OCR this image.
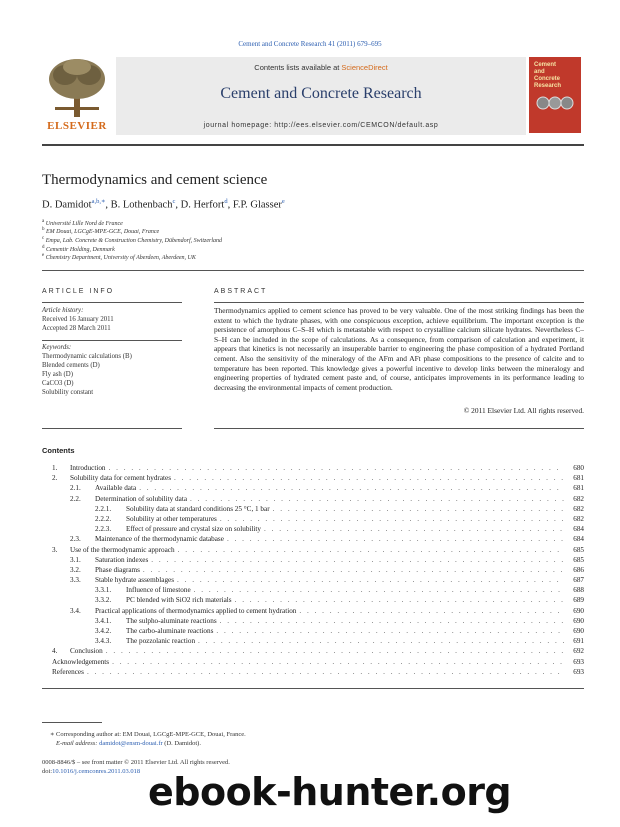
Cement and Concrete Research 41 (2011) 679–695
ELSEVIER
Contents lists available at ScienceDirect
Cement and Concrete Research
journal homepage: http://ees.elsevier.com/CEMCON/default.asp
Cement
and
Concrete
Research
Thermodynamics and cement science
D. Damidot$^{a,b,∗}$, B. Lothenbach$^c$, D. Herfort$^d$, F.P. Glasser$^e$
$^a$ Université Lille Nord de France
$^b$ EM Douai, LGCgE-MPE-GCE, Douai, France
$^c$ Empa, Lab. Concrete & Construction Chemistry, Dübendorf, Switzerland
$^d$ Cementir Holding, Denmark
$^e$ Chemistry Department, University of Aberdeen, Aberdeen, UK
ARTICLE INFO
Article history:
Received 16 January 2011
Accepted 28 March 2011
Keywords:
Thermodynamic calculations (B)
Blended cements (D)
Fly ash (D)
CaCO3 (D)
Solubility constant
ABSTRACT
Thermodynamics applied to cement science has proved to be very valuable. One of the most striking findings has been the extent to which the hydrate phases, with one conspicuous exception, achieve equilibrium. The important exception is the persistence of amorphous C–S–H which is metastable with respect to crystalline calcium silicate hydrates. Nevertheless C–S–H can be included in the scope of calculations. As a consequence, from comparison of calculation and experiment, it appears that kinetics is not necessarily an insuperable barrier to engineering the phase composition of a hydrated Portland cement. Also the sensitivity of the mineralogy of the AFm and AFt phase compositions to the presence of calcite and to temperature has been reported. This knowledge gives a powerful incentive to develop links between the mineralogy and engineering properties of hydrated cement paste and, of course, anticipates improvements in its performance leading to decreasing the environmental impacts of cement production.
© 2011 Elsevier Ltd. All rights reserved.
Contents
1.	Introduction . . .	680
2.	Solubility data for cement hydrates . . .	681
2.1.	Available data . . .	681
2.2.	Determination of solubility data . . .	682
2.2.1.	Solubility data at standard conditions 25 °C, 1 bar . . .	682
2.2.2.	Solubility at other temperatures . . .	682
2.2.3.	Effect of pressure and crystal size on solubility . . .	684
2.3.	Maintenance of the thermodynamic database . . .	684
3.	Use of the thermodynamic approach . . .	685
3.1.	Saturation indexes . . .	685
3.2.	Phase diagrams . . .	686
3.3.	Stable hydrate assemblages . . .	687
3.3.1.	Influence of limestone . . .	688
3.3.2.	PC blended with SiO2 rich materials . . .	689
3.4.	Practical applications of thermodynamics applied to cement hydration . . .	690
3.4.1.	The sulpho-aluminate reactions . . .	690
3.4.2.	The carbo-aluminate reactions . . .	690
3.4.3.	The pozzolanic reaction . . .	691
4.	Conclusion . . .	692
Acknowledgements . . .	693
References . . .	693
∗ Corresponding author at: EM Douai, LGCgE-MPE-GCE, Douai, France.
E-mail address: damidot@ensm-douai.fr (D. Damidot).
0008-8846/$ – see front matter © 2011 Elsevier Ltd. All rights reserved.
doi:10.1016/j.cemconres.2011.03.018 ebook-hunter.org
